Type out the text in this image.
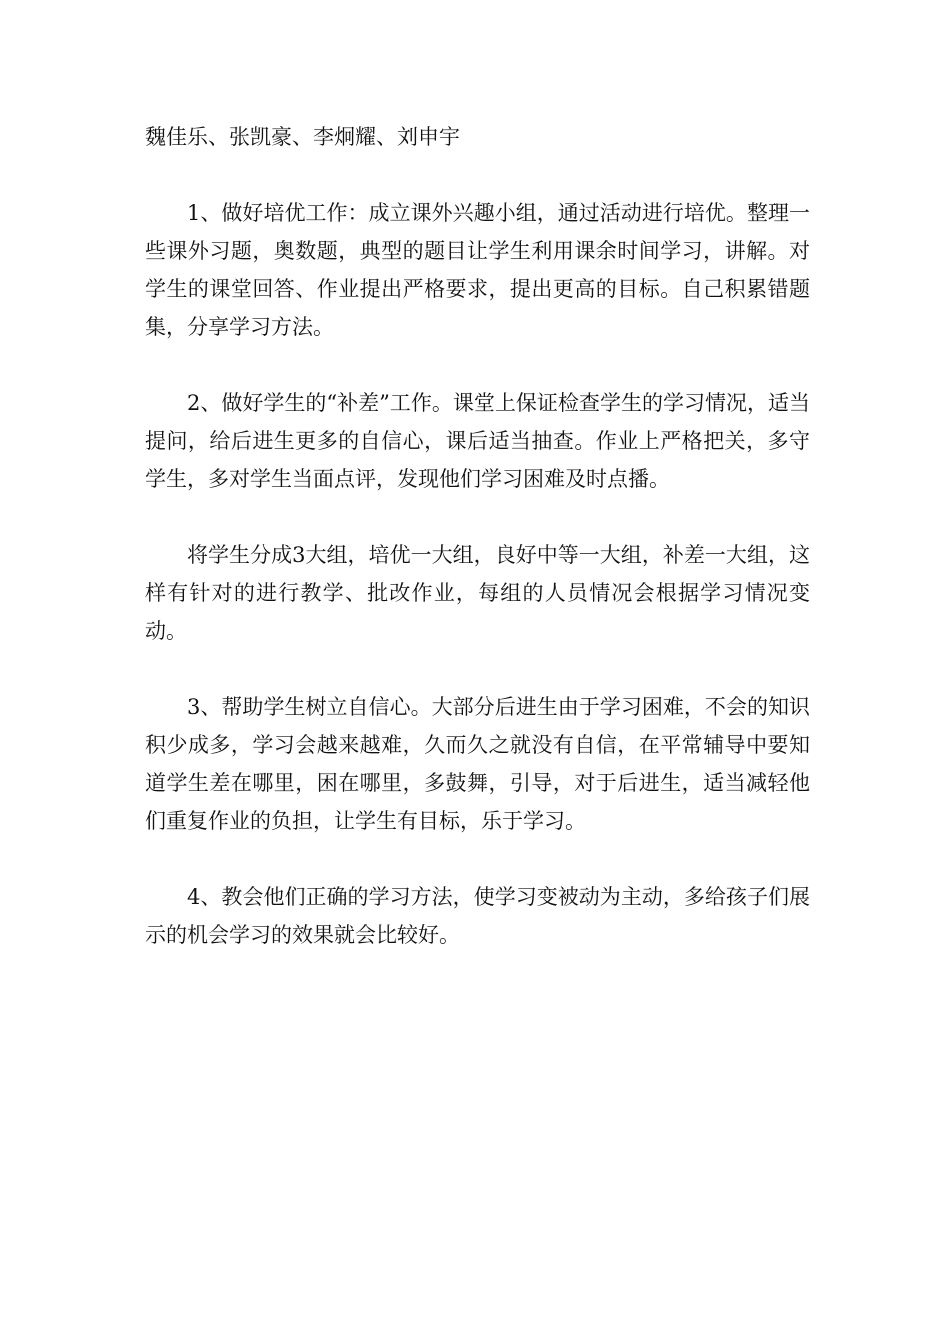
魏佳乐、张凯豪、李炯耀、刘申宇

1、做好培优工作：成立课外兴趣小组，通过活动进行培优。整理一些课外习题，奥数题，典型的题目让学生利用课余时间学习，讲解。对学生的课堂回答、作业提出严格要求，提出更高的目标。自己积累错题集，分享学习方法。

2、做好学生的“补差”工作。课堂上保证检查学生的学习情况，适当提问，给后进生更多的自信心，课后适当抽查。作业上严格把关，多守学生，多对学生当面点评，发现他们学习困难及时点播。

将学生分成3大组，培优一大组，良好中等一大组，补差一大组，这样有针对的进行教学、批改作业，每组的人员情况会根据学习情况变动。

3、帮助学生树立自信心。大部分后进生由于学习困难，不会的知识积少成多，学习会越来越难，久而久之就没有自信，在平常辅导中要知道学生差在哪里，困在哪里，多鼓舞，引导，对于后进生，适当减轻他们重复作业的负担，让学生有目标，乐于学习。

4、教会他们正确的学习方法，使学习变被动为主动，多给孩子们展示的机会学习的效果就会比较好。
